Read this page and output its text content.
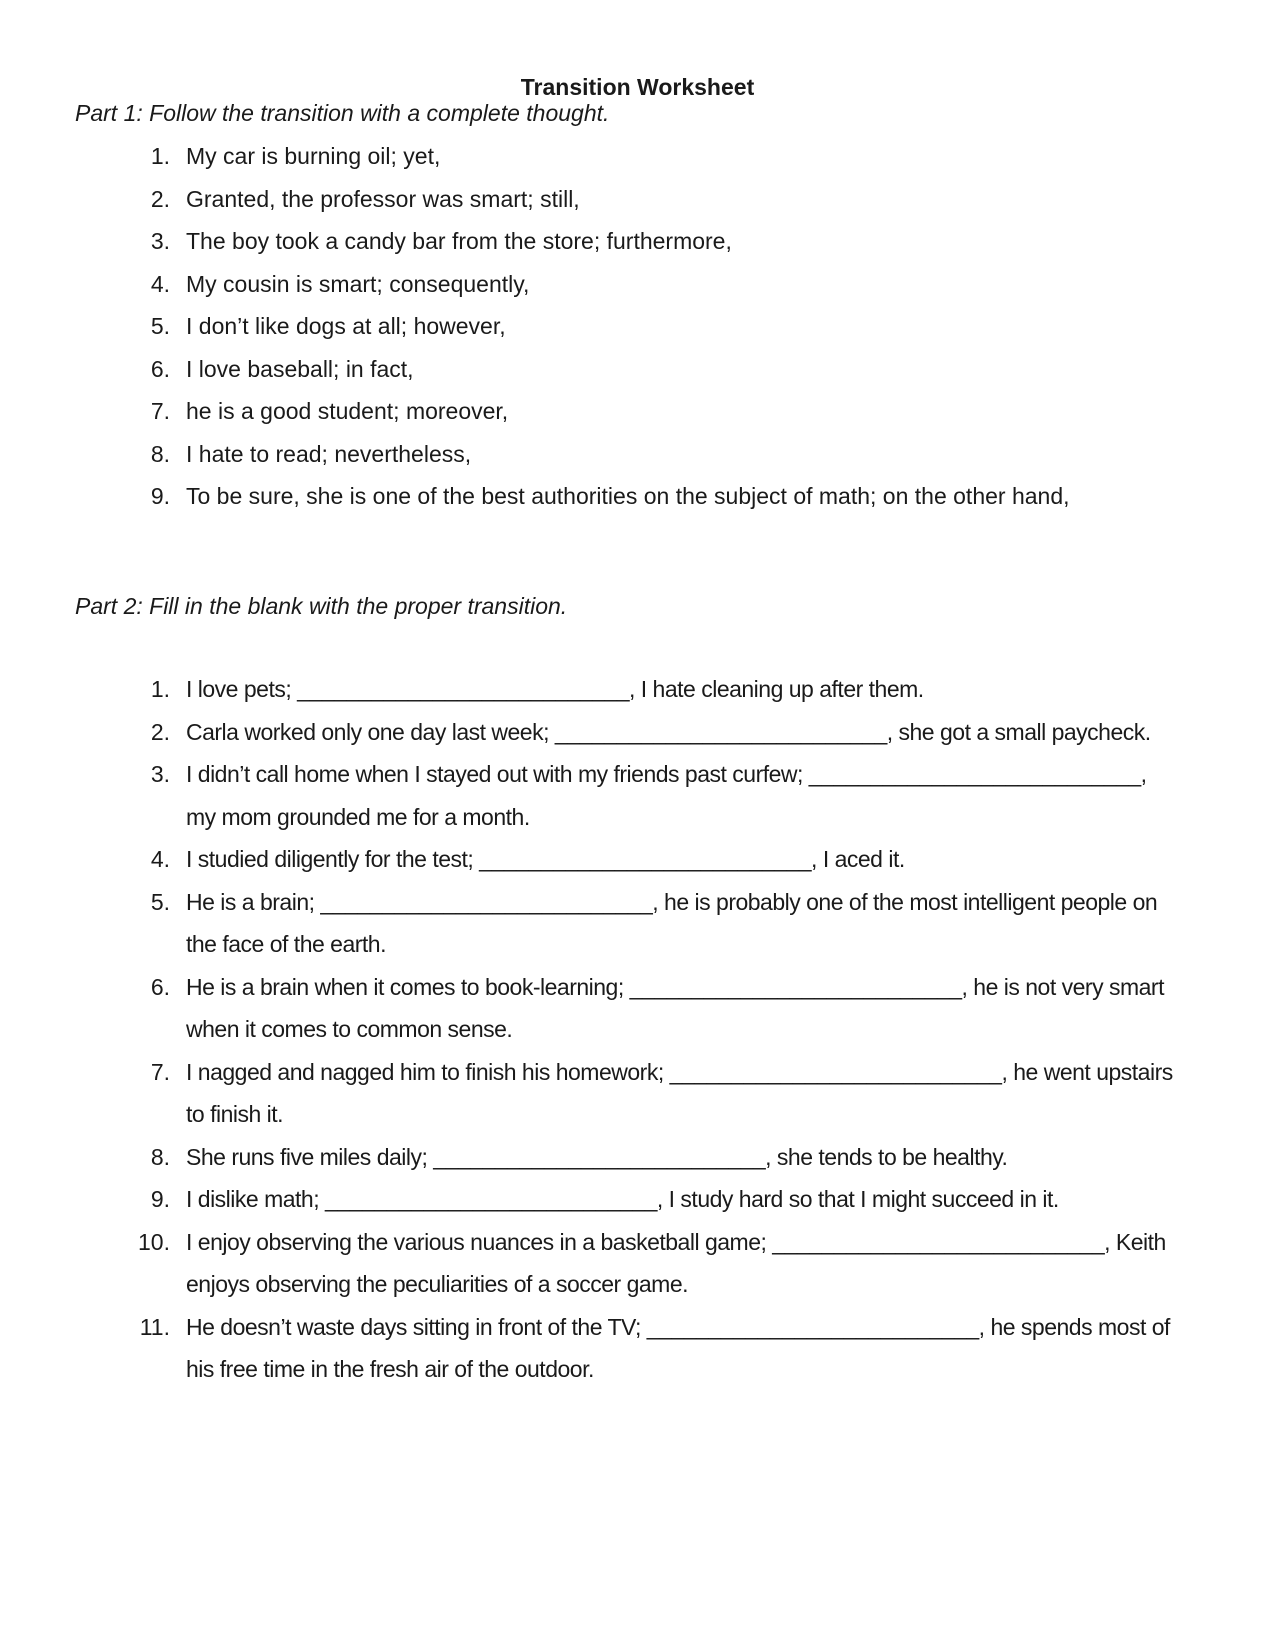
Transition Worksheet
Part 1: Follow the transition with a complete thought.
1. My car is burning oil; yet,
2. Granted, the professor was smart; still,
3. The boy took a candy bar from the store; furthermore,
4. My cousin is smart; consequently,
5. I don’t like dogs at all; however,
6. I love baseball; in fact,
7. he is a good student; moreover,
8. I hate to read; nevertheless,
9. To be sure, she is one of the best authorities on the subject of math; on the other hand,
Part 2: Fill in the blank with the proper transition.
1. I love pets; ___________________________, I hate cleaning up after them.
2. Carla worked only one day last week; ___________________________, she got a small paycheck.
3. I didn’t call home when I stayed out with my friends past curfew; ___________________________, my mom grounded me for a month.
4. I studied diligently for the test; ___________________________, I aced it.
5. He is a brain; ___________________________, he is probably one of the most intelligent people on the face of the earth.
6. He is a brain when it comes to book-learning; ___________________________, he is not very smart when it comes to common sense.
7. I nagged and nagged him to finish his homework; ___________________________, he went upstairs to finish it.
8. She runs five miles daily; ___________________________, she tends to be healthy.
9. I dislike math; ___________________________, I study hard so that I might succeed in it.
10. I enjoy observing the various nuances in a basketball game; ___________________________, Keith enjoys observing the peculiarities of a soccer game.
11. He doesn’t waste days sitting in front of the TV; ___________________________, he spends most of his free time in the fresh air of the outdoor.
